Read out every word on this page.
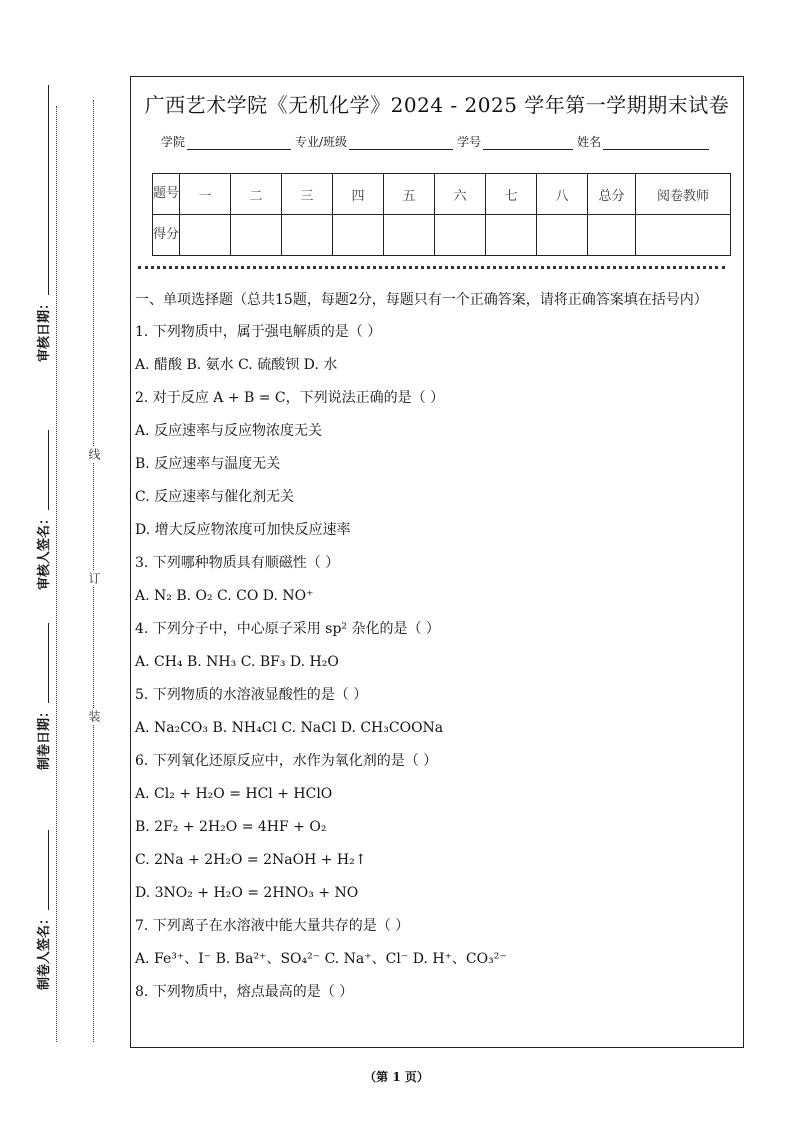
审核日期：
审核人签名：
制卷日期：
制卷人签名：
线
订
装
广西艺术学院《无机化学》2024 - 2025 学年第一学期期末试卷
学院	专业/班级	学号	姓名
题号	一	二	三	四	五	六	七	八	总分	阅卷教师
得分										

一、单项选择题（总共15题，每题2分，每题只有一个正确答案，请将正确答案填在括号内）

1. 下列物质中，属于强电解质的是（ ）

A. 醋酸 B. 氨水 C. 硫酸钡 D. 水

2. 对于反应 A + B = C，下列说法正确的是（ ）

A. 反应速率与反应物浓度无关

B. 反应速率与温度无关

C. 反应速率与催化剂无关

D. 增大反应物浓度可加快反应速率

3. 下列哪种物质具有顺磁性（ ）

A. N₂ B. O₂ C. CO D. NO⁺

4. 下列分子中，中心原子采用 sp² 杂化的是（ ）

A. CH₄ B. NH₃ C. BF₃ D. H₂O

5. 下列物质的水溶液显酸性的是（ ）

A. Na₂CO₃ B. NH₄Cl C. NaCl D. CH₃COONa

6. 下列氧化还原反应中，水作为氧化剂的是（ ）

A. Cl₂ + H₂O = HCl + HClO

B. 2F₂ + 2H₂O = 4HF + O₂

C. 2Na + 2H₂O = 2NaOH + H₂↑

D. 3NO₂ + H₂O = 2HNO₃ + NO

7. 下列离子在水溶液中能大量共存的是（ ）

A. Fe³⁺、I⁻ B. Ba²⁺、SO₄²⁻ C. Na⁺、Cl⁻ D. H⁺、CO₃²⁻

8. 下列物质中，熔点最高的是（ ）

（第 1 页）
